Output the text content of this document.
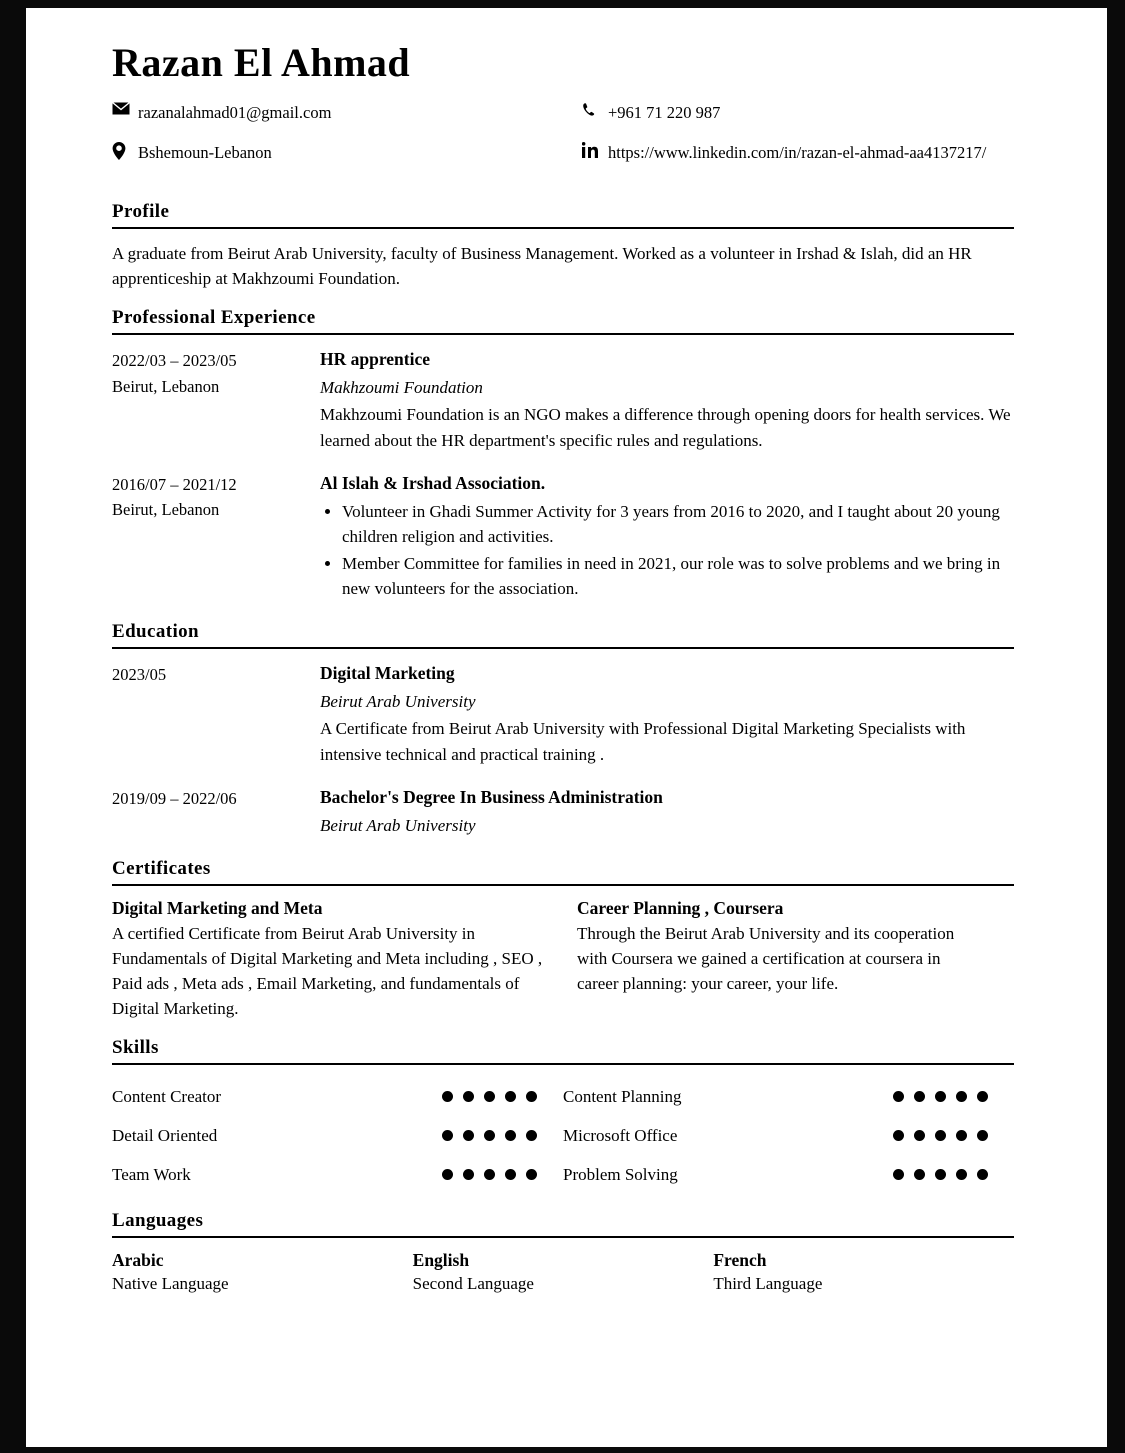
Razan El Ahmad
razanalahmad01@gmail.com	+961 71 220 987
Bshemoun-Lebanon	https://www.linkedin.com/in/razan-el-ahmad-aa4137217/
Profile

A graduate from Beirut Arab University, faculty of Business Management. Worked as a volunteer in Irshad & Islah, did an HR apprenticeship at Makhzoumi Foundation.

Professional Experience
2022/03 – 2023/05
Beirut, Lebanon
HR apprentice
Makhzoumi Foundation
Makhzoumi Foundation is an NGO makes a difference through opening doors for health services. We learned about the HR department's specific rules and regulations.
2016/07 – 2021/12
Beirut, Lebanon
Al Islah & Irshad Association.
• Volunteer in Ghadi Summer Activity for 3 years from 2016 to 2020, and I taught about 20 young children religion and activities.
• Member Committee for families in need in 2021, our role was to solve problems and we bring in new volunteers for the association.
Education
2023/05	Digital Marketing
Beirut Arab University
A Certificate from Beirut Arab University with Professional Digital Marketing Specialists with intensive technical and practical training .
2019/09 – 2022/06	Bachelor's Degree In Business Administration
Beirut Arab University
Certificates
Digital Marketing and Meta
A certified Certificate from Beirut Arab University in Fundamentals of Digital Marketing and Meta including , SEO , Paid ads , Meta ads , Email Marketing, and fundamentals of Digital Marketing.
Career Planning , Coursera
Through the Beirut Arab University and its cooperation with Coursera we gained a certification at coursera in career planning: your career, your life.
Skills
Content Creator	Content Planning
Detail Oriented	Microsoft Office
Team Work	Problem Solving
Languages
Arabic
Native Language
English
Second Language
French
Third Language
